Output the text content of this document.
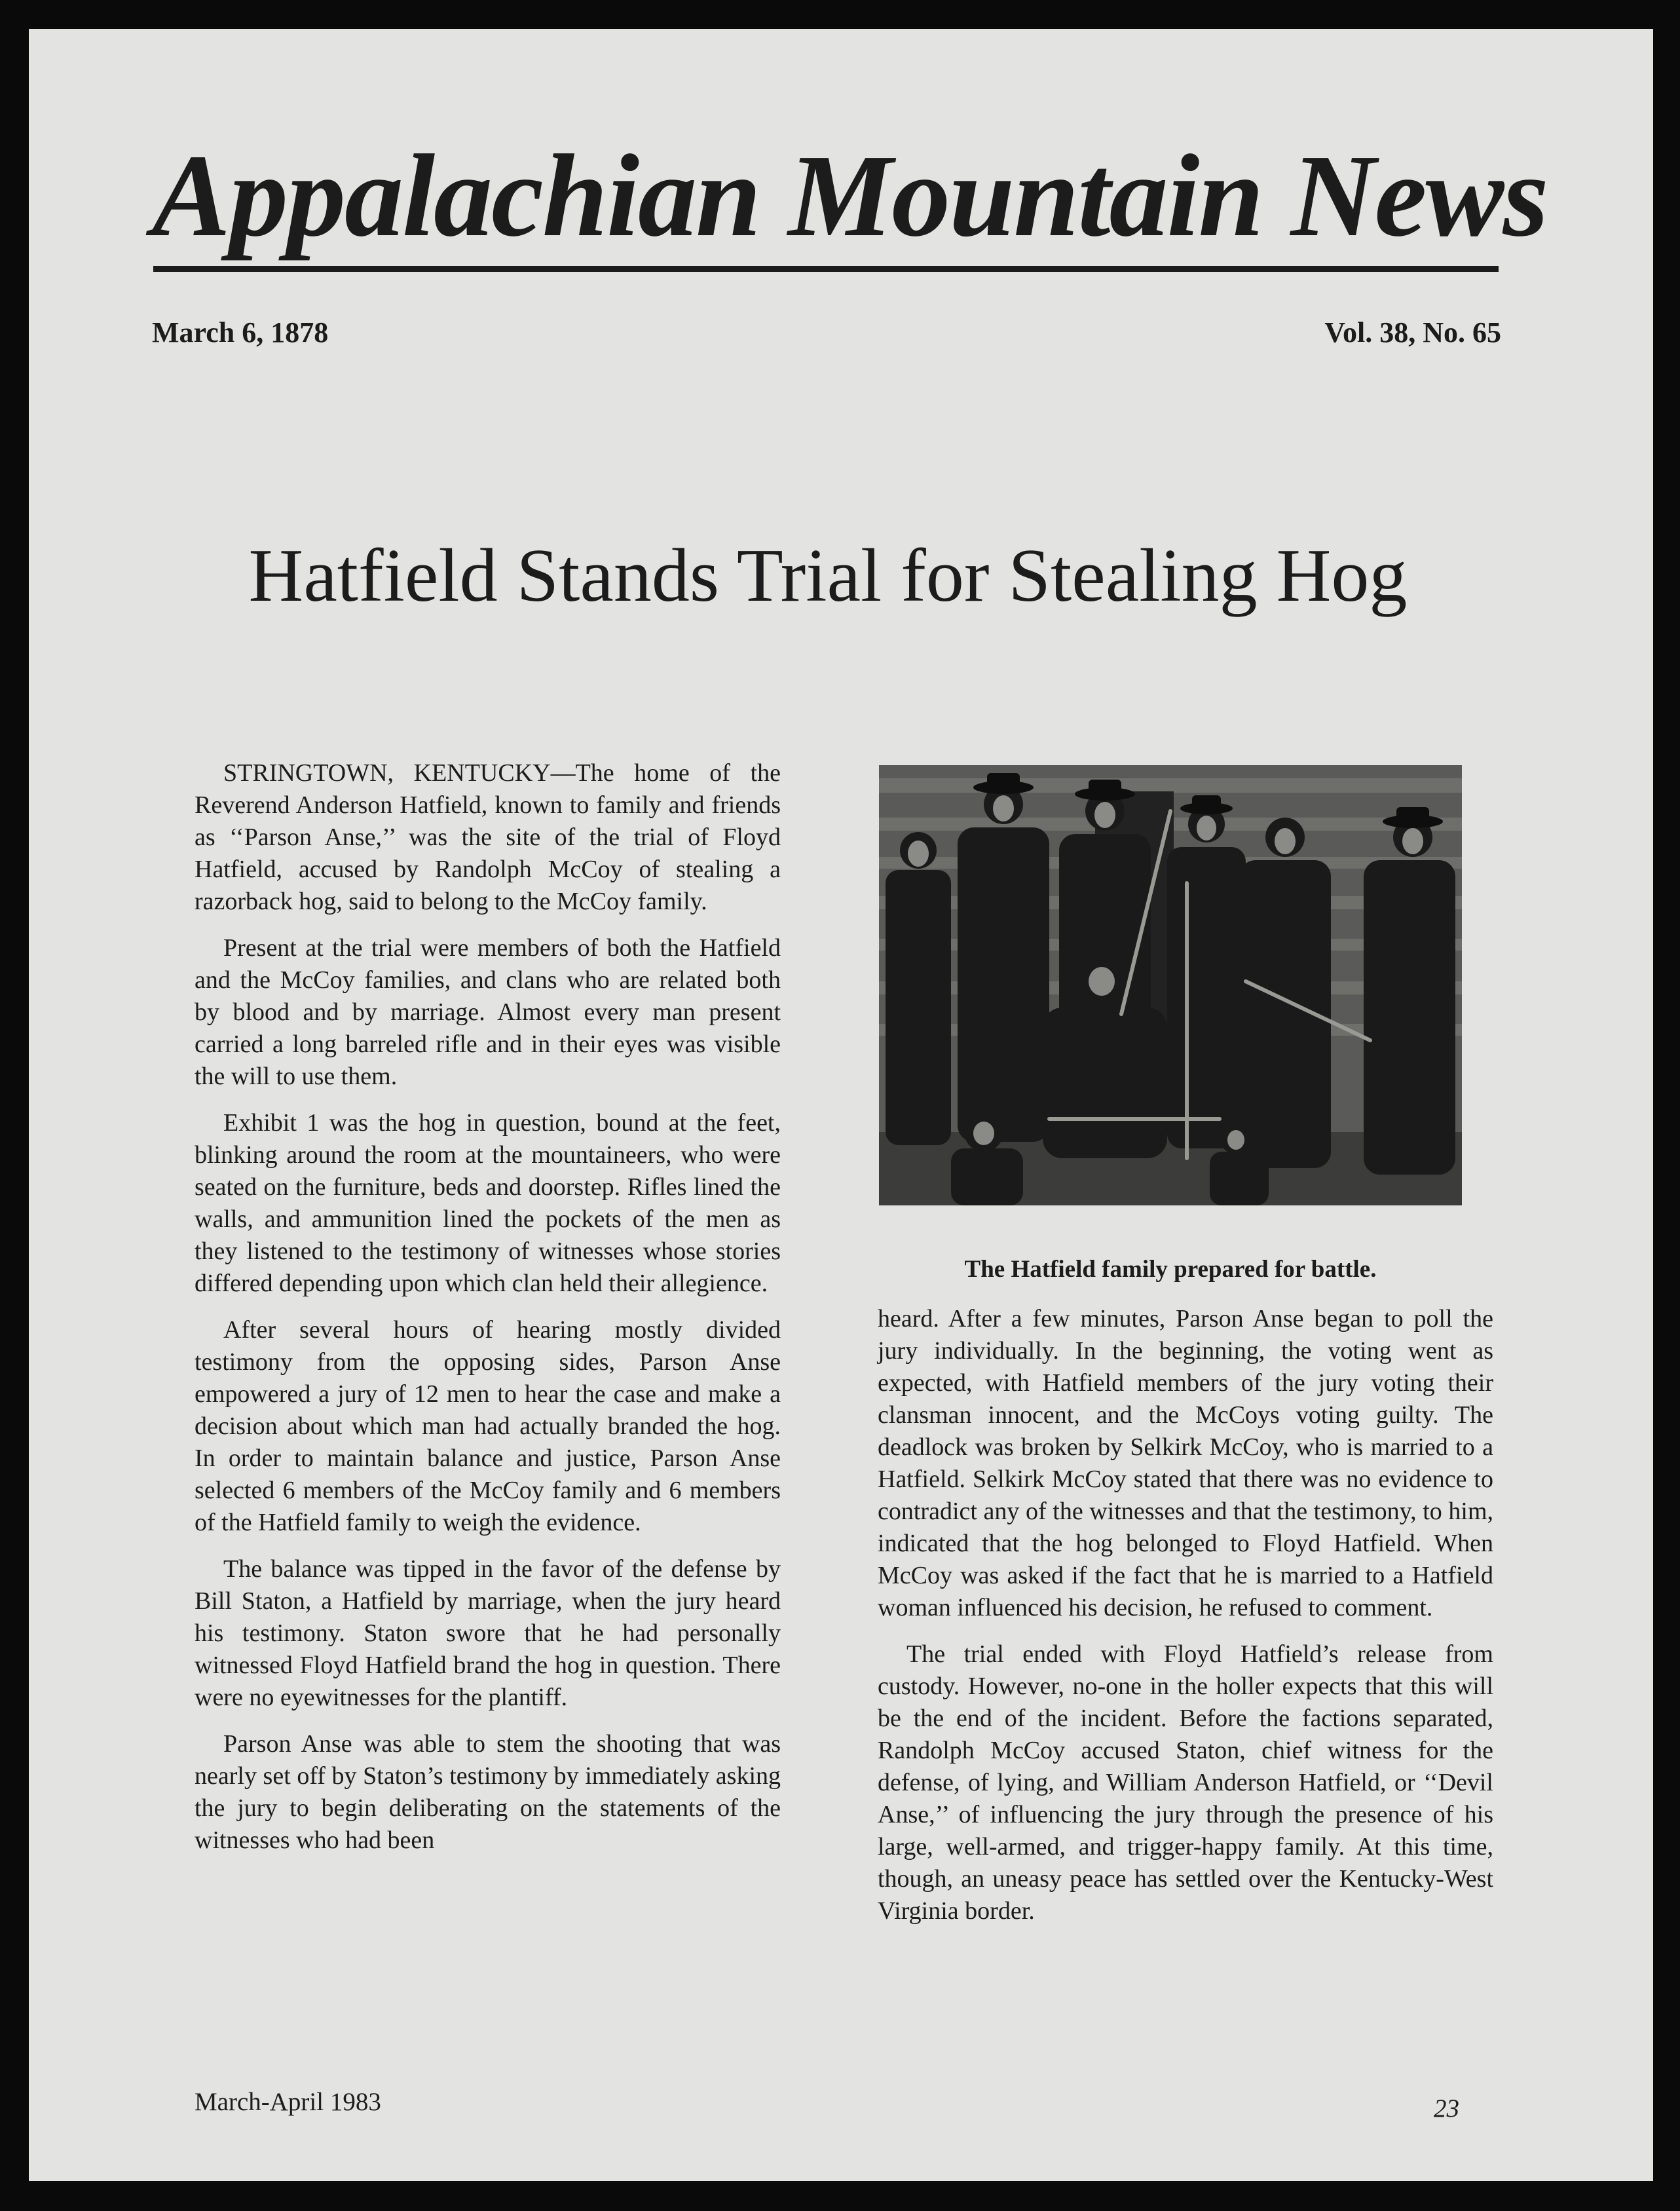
Appalachian Mountain News
March 6, 1878	Vol. 38, No. 65
Hatfield Stands Trial for Stealing Hog

STRINGTOWN, KENTUCKY—The home of the Reverend Anderson Hatfield, known to family and friends as ‘‘Parson Anse,’’ was the site of the trial of Floyd Hatfield, accused by Randolph McCoy of stealing a razorback hog, said to belong to the McCoy family.

Present at the trial were members of both the Hatfield and the McCoy families, and clans who are related both by blood and by marriage. Almost every man present carried a long barreled rifle and in their eyes was visible the will to use them.

Exhibit 1 was the hog in question, bound at the feet, blinking around the room at the mountaineers, who were seated on the furniture, beds and doorstep. Rifles lined the walls, and ammunition lined the pockets of the men as they listened to the testimony of witnesses whose stories differed depending upon which clan held their allegience.

After several hours of hearing mostly divided testimony from the opposing sides, Parson Anse empowered a jury of 12 men to hear the case and make a decision about which man had actually branded the hog. In order to maintain balance and justice, Parson Anse selected 6 members of the McCoy family and 6 members of the Hatfield family to weigh the evidence.

The balance was tipped in the favor of the defense by Bill Staton, a Hatfield by marriage, when the jury heard his testimony. Staton swore that he had personally witnessed Floyd Hatfield brand the hog in question. There were no eyewitnesses for the plantiff.

Parson Anse was able to stem the shooting that was nearly set off by Staton’s testimony by immediately asking the jury to begin deliberating on the statements of the witnesses who had been

The Hatfield family prepared for battle.

heard. After a few minutes, Parson Anse began to poll the jury individually. In the beginning, the voting went as expected, with Hatfield members of the jury voting their clansman innocent, and the McCoys voting guilty. The deadlock was broken by Selkirk McCoy, who is married to a Hatfield. Selkirk McCoy stated that there was no evidence to contradict any of the witnesses and that the testimony, to him, indicated that the hog belonged to Floyd Hatfield. When McCoy was asked if the fact that he is married to a Hatfield woman influenced his decision, he refused to comment.

The trial ended with Floyd Hatfield’s release from custody. However, no-one in the holler expects that this will be the end of the incident. Before the factions separated, Randolph McCoy accused Staton, chief witness for the defense, of lying, and William Anderson Hatfield, or ‘‘Devil Anse,’’ of influencing the jury through the presence of his large, well-armed, and trigger-happy family. At this time, though, an uneasy peace has settled over the Kentucky-West Virginia border.

March-April 1983	23
